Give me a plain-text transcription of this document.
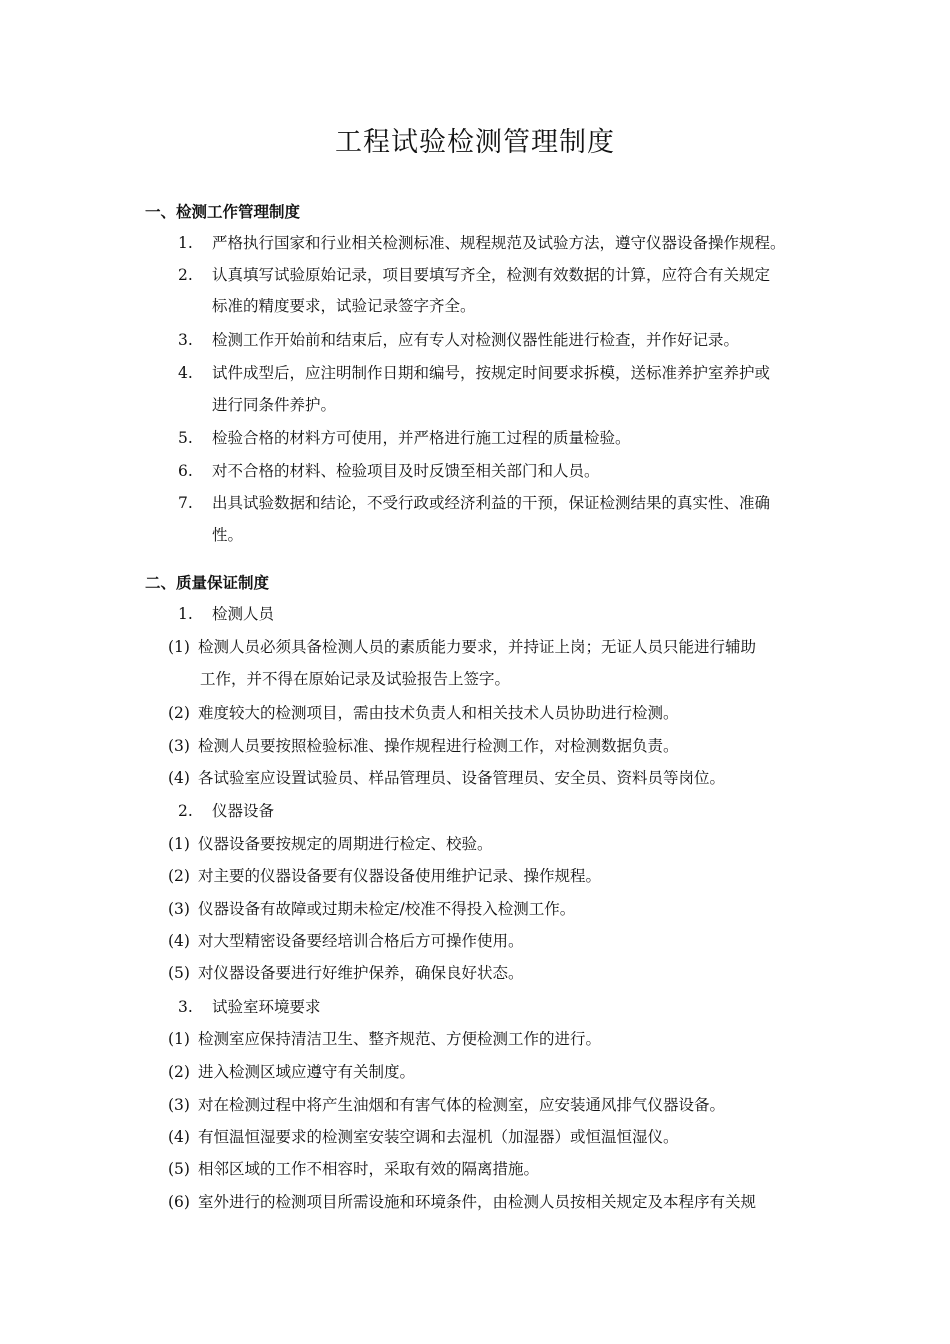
工程试验检测管理制度
一、检测工作管理制度
1. 严格执行国家和行业相关检测标准、规程规范及试验方法，遵守仪器设备操作规程。
2. 认真填写试验原始记录，项目要填写齐全，检测有效数据的计算，应符合有关规定
标准的精度要求，试验记录签字齐全。
3. 检测工作开始前和结束后，应有专人对检测仪器性能进行检查，并作好记录。
4. 试件成型后，应注明制作日期和编号，按规定时间要求拆模，送标准养护室养护或
进行同条件养护。
5. 检验合格的材料方可使用，并严格进行施工过程的质量检验。
6. 对不合格的材料、检验项目及时反馈至相关部门和人员。
7. 出具试验数据和结论，不受行政或经济利益的干预，保证检测结果的真实性、准确
性。
二、质量保证制度
1. 检测人员
(1) 检测人员必须具备检测人员的素质能力要求，并持证上岗；无证人员只能进行辅助
工作，并不得在原始记录及试验报告上签字。
(2) 难度较大的检测项目，需由技术负责人和相关技术人员协助进行检测。
(3) 检测人员要按照检验标准、操作规程进行检测工作，对检测数据负责。
(4) 各试验室应设置试验员、样品管理员、设备管理员、安全员、资料员等岗位。
2. 仪器设备
(1) 仪器设备要按规定的周期进行检定、校验。
(2) 对主要的仪器设备要有仪器设备使用维护记录、操作规程。
(3) 仪器设备有故障或过期未检定/校准不得投入检测工作。
(4) 对大型精密设备要经培训合格后方可操作使用。
(5) 对仪器设备要进行好维护保养，确保良好状态。
3. 试验室环境要求
(1) 检测室应保持清洁卫生、整齐规范、方便检测工作的进行。
(2) 进入检测区域应遵守有关制度。
(3) 对在检测过程中将产生油烟和有害气体的检测室，应安装通风排气仪器设备。
(4) 有恒温恒湿要求的检测室安装空调和去湿机（加湿器）或恒温恒湿仪。
(5) 相邻区域的工作不相容时，采取有效的隔离措施。
(6) 室外进行的检测项目所需设施和环境条件，由检测人员按相关规定及本程序有关规
